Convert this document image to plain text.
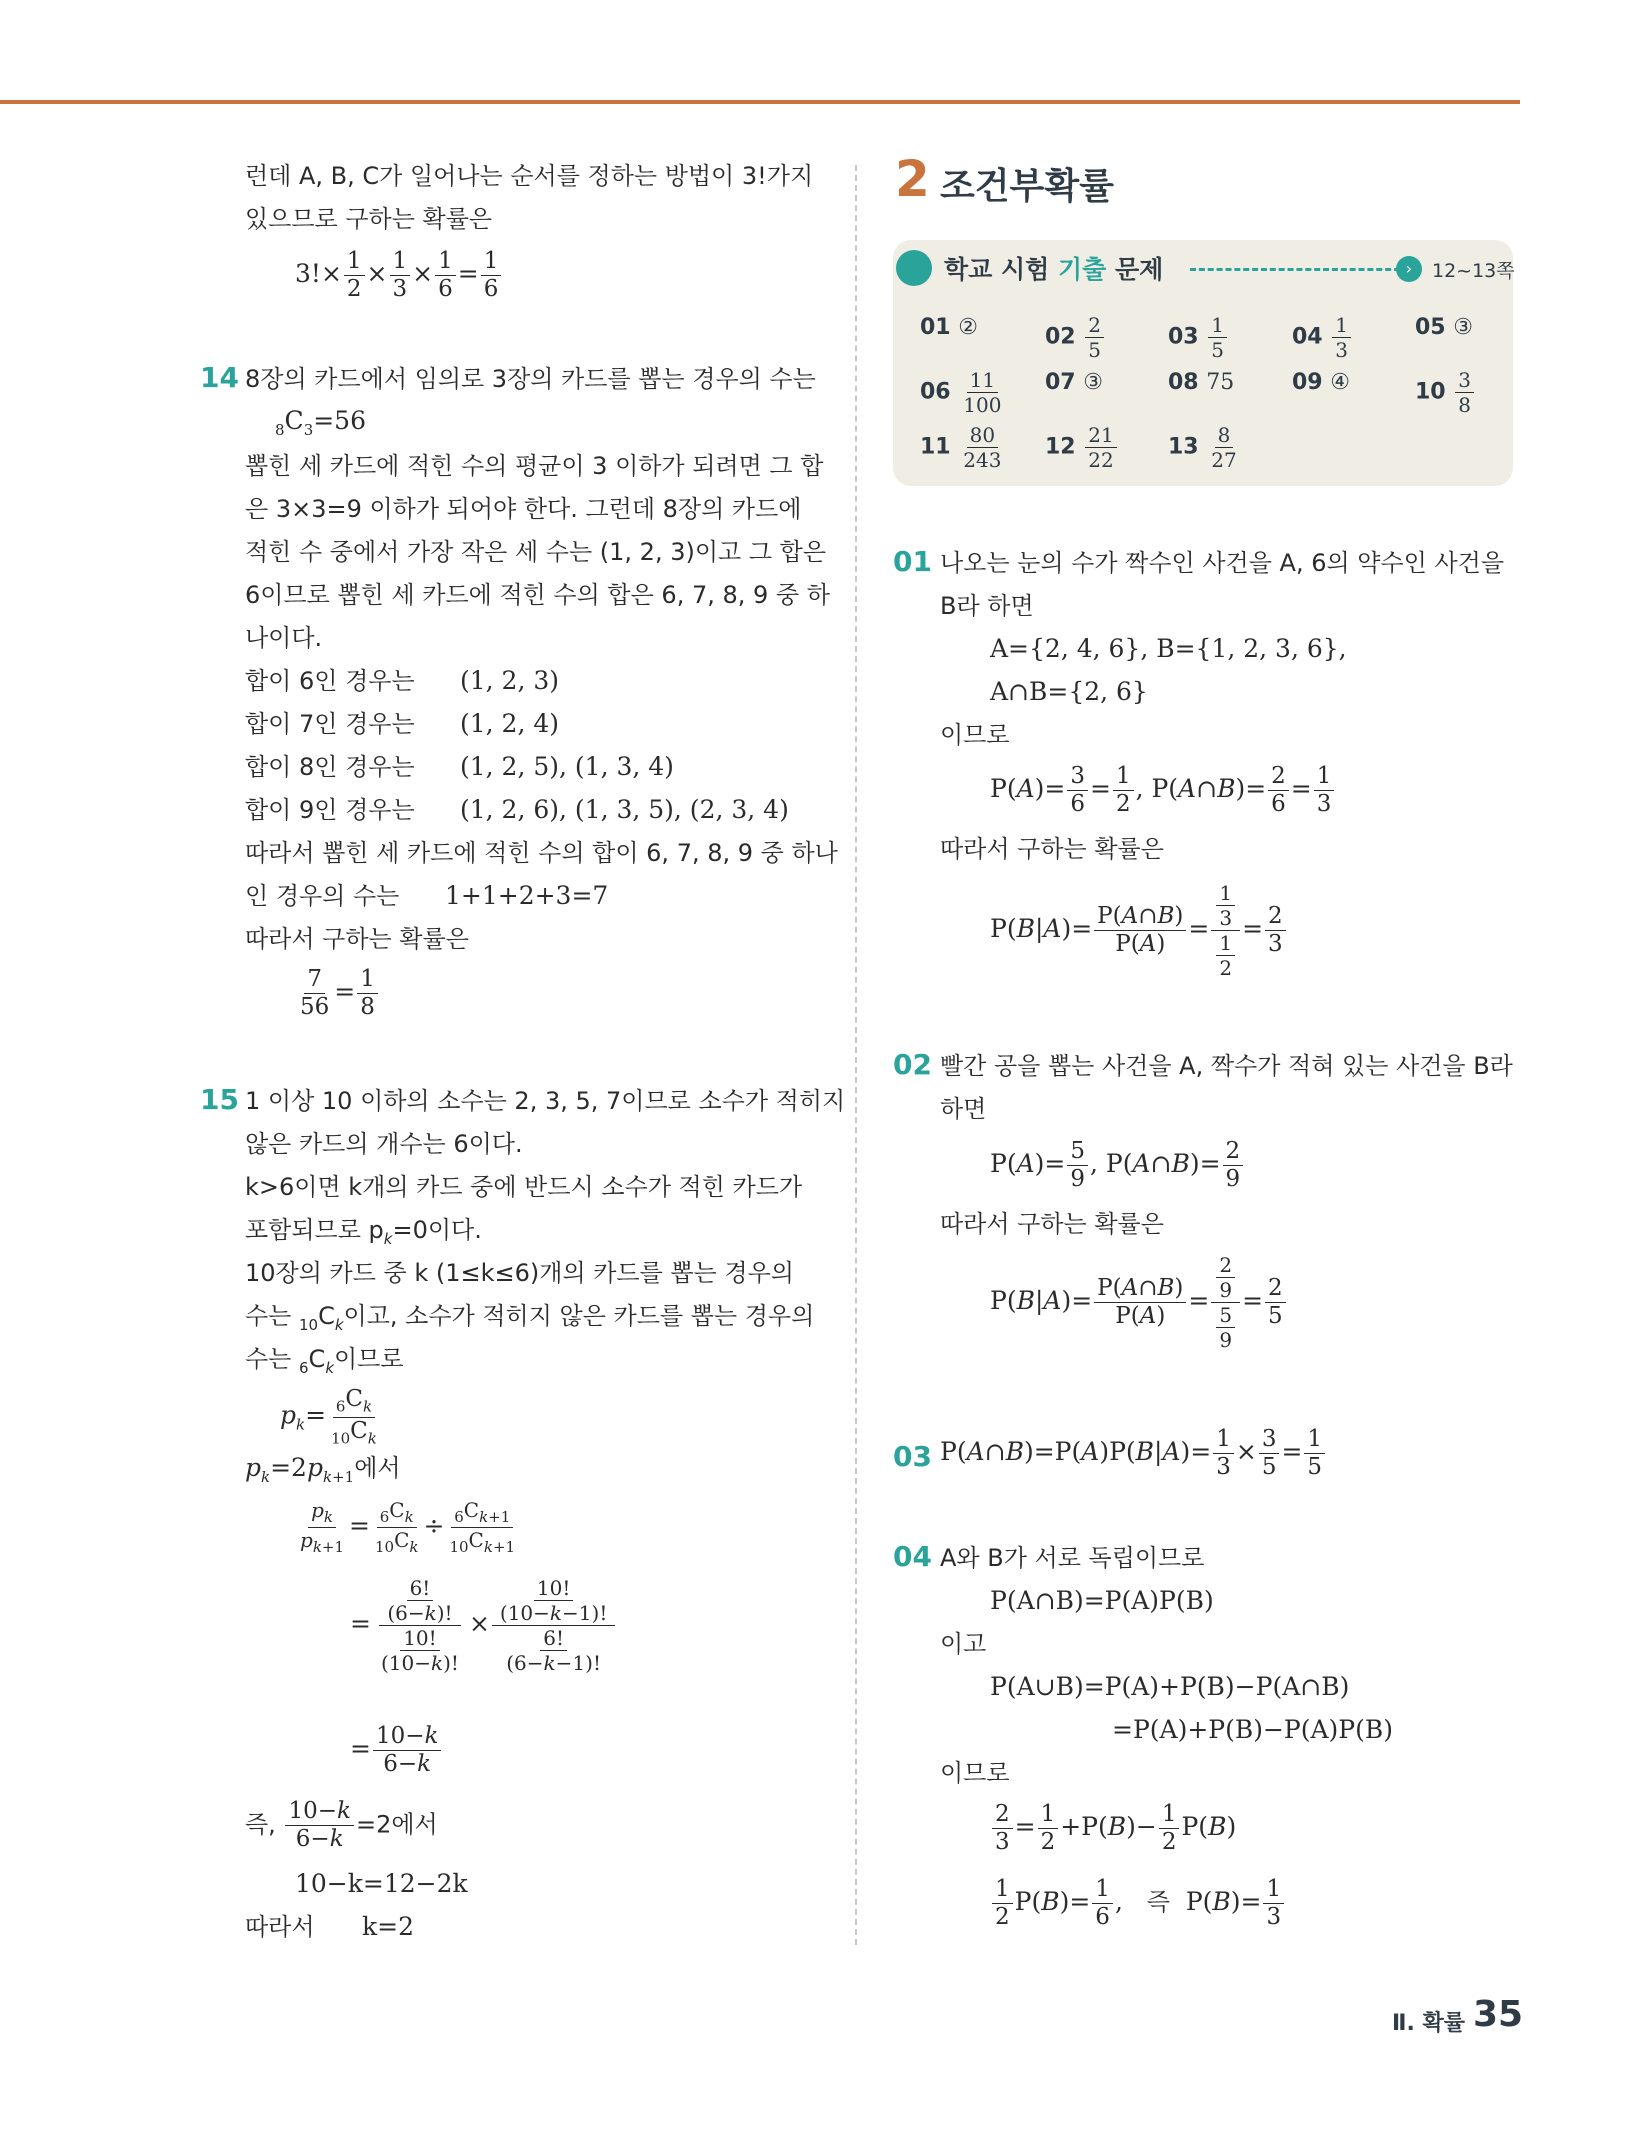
런데 A, B, C가 일어나는 순서를 정하는 방법이 3!가지
있으므로 구하는 확률은
$3!\times \frac{1}{2} \times \frac{1}{3} \times \frac{1}{6} = \frac{1}{6}$
14 8장의 카드에서 임의로 3장의 카드를 뽑는 경우의 수는
$_8C_3=56$
뽑힌 세 카드에 적힌 수의 평균이 3 이하가 되려면 그 합
은 3×3=9 이하가 되어야 한다. 그런데 8장의 카드에
적힌 수 중에서 가장 작은 세 수는 (1, 2, 3)이고 그 합은
6이므로 뽑힌 세 카드에 적힌 수의 합은 6, 7, 8, 9 중 하
나이다.
합이 6인 경우는 (1, 2, 3)
합이 7인 경우는 (1, 2, 4)
합이 8인 경우는 (1, 2, 5), (1, 3, 4)
합이 9인 경우는 (1, 2, 6), (1, 3, 5), (2, 3, 4)
따라서 뽑힌 세 카드에 적힌 수의 합이 6, 7, 8, 9 중 하나
인 경우의 수는 1+1+2+3=7
따라서 구하는 확률은
$\frac{7}{56} = \frac{1}{8}$
15 1 이상 10 이하의 소수는 2, 3, 5, 7이므로 소수가 적히지
않은 카드의 개수는 6이다.
k>6이면 k개의 카드 중에 반드시 소수가 적힌 카드가
포함되므로 $p_k=0$이다.
10장의 카드 중 k (1≤k≤6)개의 카드를 뽑는 경우의
수는 $_{10}C_k$이고, 소수가 적히지 않은 카드를 뽑는 경우의
수는 $_6C_k$이므로
$p_k= \frac{_6C_k}{_{10}C_k}$
$p_k=2p_{k+1}$에서
$\frac{p_k}{p_{k+1}} = \frac{_6C_k}{_{10}C_k} \div \frac{_6C_{k+1}}{_{10}C_{k+1}}$
= $\frac{\frac{6!}{(6-k)!}}{\frac{10!}{(10-k)!}} \times \frac{\frac{10!}{(10-k-1)!}}{\frac{6!}{(6-k-1)!}}$
= $\frac{10-k}{6-k}$
즉, $\frac{10-k}{6-k} =2$에서
10−k=12−2k
따라서 k=2
2 조건부확률
학교 시험 기출 문제	›	12~13쪽
01 ②	$02 \frac{2}{5}$	$03 \frac{1}{5}$	$04 \frac{1}{3}$	05 ③
$06 \frac{11}{100} 07$ ③	08 75	09 ④	$10 \frac{3}{8}$
$11 \frac{80}{243} 12 \frac{21}{22} 13 \frac{8}{27}$
01 나오는 눈의 수가 짝수인 사건을 A, 6의 약수인 사건을
B라 하면
A={2, 4, 6}, B={1, 2, 3, 6},
A∩B={2, 6}
이므로
$P(A)= \frac{3}{6} = \frac{1}{2}$ , P(A∩B)= $\frac{2}{6} = \frac{1}{3}$
따라서 구하는 확률은
$P(B|A)= \frac{P(A\cap B)}{P(A)} = \frac{\frac{1}{3}}{\frac{1}{2}} = \frac{2}{3}$
02 빨간 공을 뽑는 사건을 A, 짝수가 적혀 있는 사건을 B라
하면
$P(A)= \frac{5}{9}$ , P(A∩B)= $\frac{2}{9}$
따라서 구하는 확률은
$P(B|A)= \frac{P(A\cap B)}{P(A)} = \frac{\frac{2}{9}}{\frac{5}{9}} = \frac{2}{5}$
03 P(A∩B)=P(A)P(B|A)= $\frac{1}{3} \times \frac{3}{5} = \frac{1}{5}$
04 A와 B가 서로 독립이므로
P(A∩B)=P(A)P(B)
이고
P(A∪B)=P(A)+P(B)−P(A∩B)
=P(A)+P(B)−P(A)P(B)
이므로
$\frac{2}{3} = \frac{1}{2} +P(B)- \frac{1}{2} P(B)$
$\frac{1}{2} P(B)= \frac{1}{6}$ ,   즉  $P(B)= \frac{1}{3}$
Ⅱ. 확률 35
